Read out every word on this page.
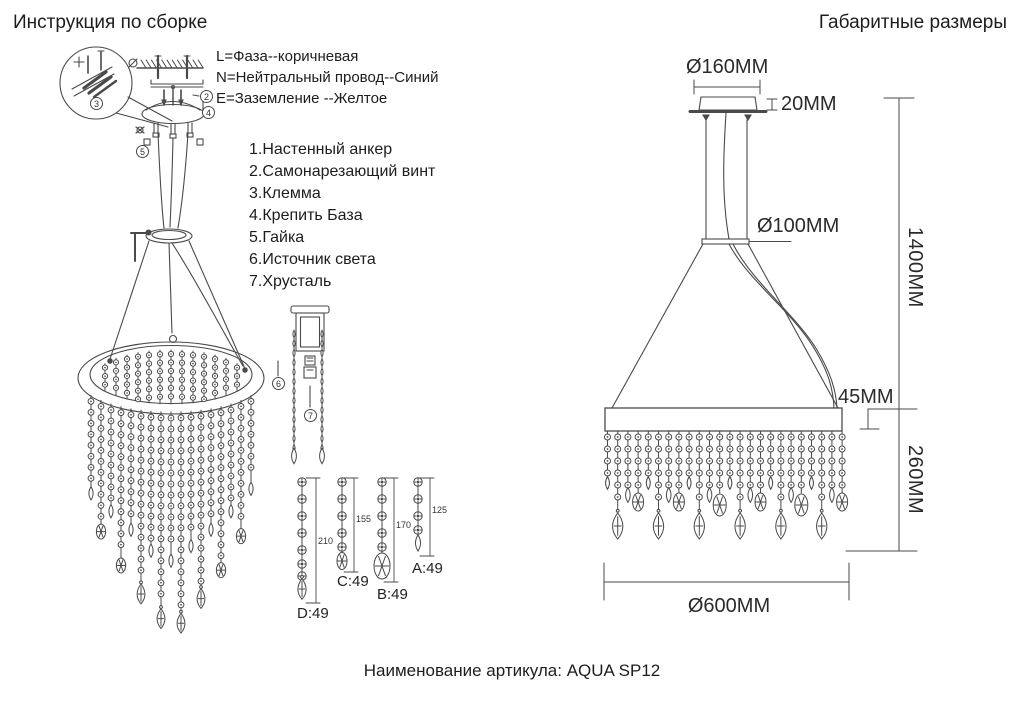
Инструкция по сборке	Габаритные размеры
L=Фаза--коричневая
N=Нейтральный провод--Синий
E=Заземление --Желтое
1.Настенный анкер
2.Самонарезающий винт
3.Клемма
4.Крепить База
5.Гайка
6.Источник света
7.Хрусталь
Ø160MM
20MM
Ø100MM
45MM
1400MM
260MM
Ø600MM
D:49
C:49
B:49
A:49
210
155
170
125
3
2
4
5
6
7
Наименование артикула: AQUA SP12
